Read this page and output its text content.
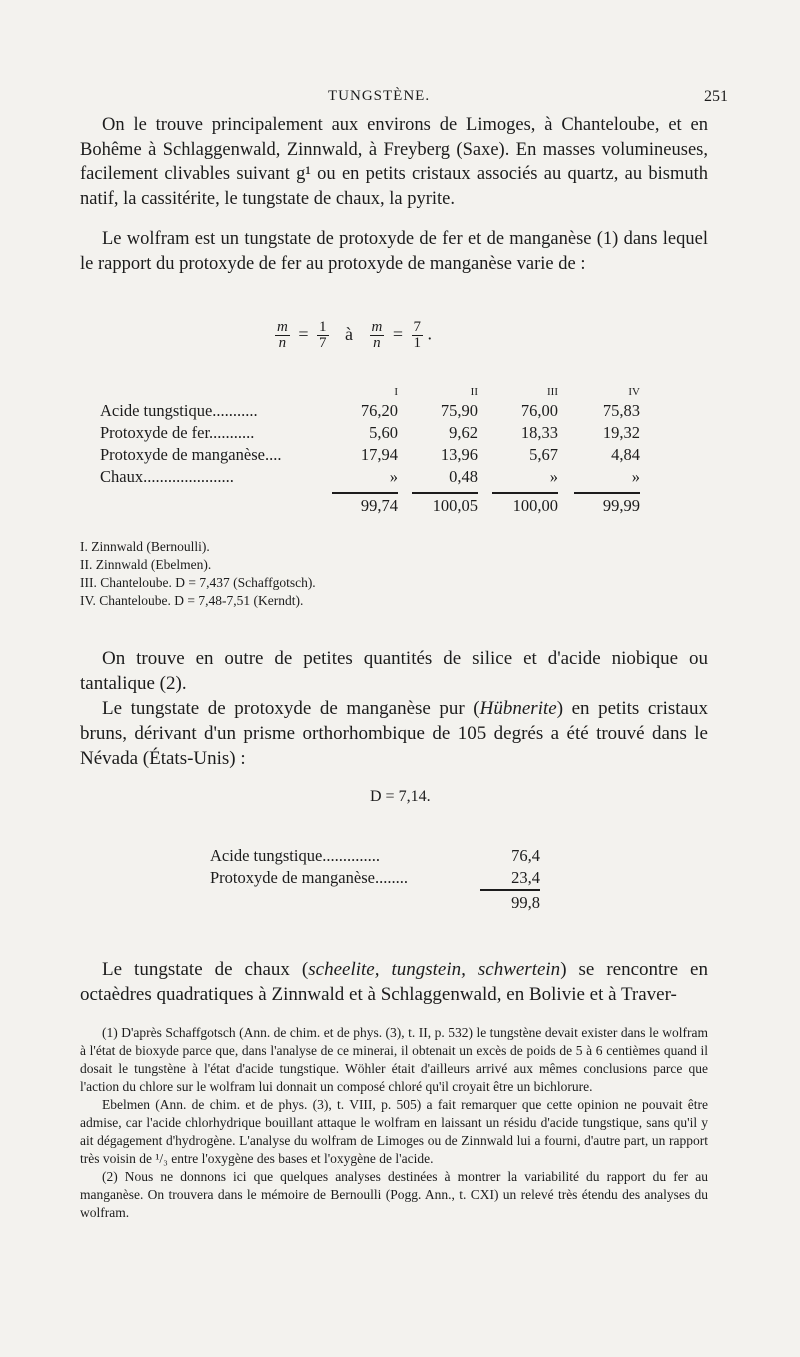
TUNGSTÈNE.	251

On le trouve principalement aux environs de Limoges, à Chanteloube, et en Bohême à Schlaggenwald, Zinnwald, à Freyberg (Saxe). En masses volumineuses, facilement clivables suivant g¹ ou en petits cristaux associés au quartz, au bismuth natif, la cassitérite, le tungstate de chaux, la pyrite.

Le wolfram est un tungstate de protoxyde de fer et de manganèse (1) dans lequel le rapport du protoxyde de fer au protoxyde de manganèse varie de :

$\frac{m}{n} = \frac{1}{7}$ à $\frac{m}{n} = \frac{7}{1}$ .
	I	II	III	IV
Acide tungstique...........	76,20	75,90	76,00	75,83
Protoxyde de fer...........	5,60	9,62	18,33	19,32
Protoxyde de manganèse....	17,94	13,96	5,67	4,84
Chaux......................	»	0,48	»	»
	99,74	100,05	100,00	99,99
I. Zinnwald (Bernoulli).
II. Zinnwald (Ebelmen).
III. Chanteloube. D = 7,437 (Schaffgotsch).
IV. Chanteloube. D = 7,48-7,51 (Kerndt).

On trouve en outre de petites quantités de silice et d'acide niobique ou tantalique (2).

Le tungstate de protoxyde de manganèse pur (Hübnerite) en petits cristaux bruns, dérivant d'un prisme orthorhombique de 105 degrés a été trouvé dans le Névada (États-Unis) :

D = 7,14.
Acide tungstique..............	76,4
Protoxyde de manganèse........	23,4
	99,8

Le tungstate de chaux (scheelite, tungstein, schwertein) se rencontre en octaèdres quadratiques à Zinnwald et à Schlaggenwald, en Bolivie et à Traver-

(1) D'après Schaffgotsch (Ann. de chim. et de phys. (3), t. II, p. 532) le tungstène devait exister dans le wolfram à l'état de bioxyde parce que, dans l'analyse de ce minerai, il obtenait un excès de poids de 5 à 6 centièmes quand il dosait le tungstène à l'état d'acide tungstique. Wöhler était d'ailleurs arrivé aux mêmes conclusions parce que l'action du chlore sur le wolfram lui donnait un composé chloré qu'il croyait être un bichlorure.

Ebelmen (Ann. de chim. et de phys. (3), t. VIII, p. 505) a fait remarquer que cette opinion ne pouvait être admise, car l'acide chlorhydrique bouillant attaque le wolfram en laissant un résidu d'acide tungstique, sans qu'il y ait dégagement d'hydrogène. L'analyse du wolfram de Limoges ou de Zinnwald lui a fourni, d'autre part, un rapport très voisin de ¹/₃ entre l'oxygène des bases et l'oxygène de l'acide.

(2) Nous ne donnons ici que quelques analyses destinées à montrer la variabilité du rapport du fer au manganèse. On trouvera dans le mémoire de Bernoulli (Pogg. Ann., t. CXI) un relevé très étendu des analyses du wolfram.
